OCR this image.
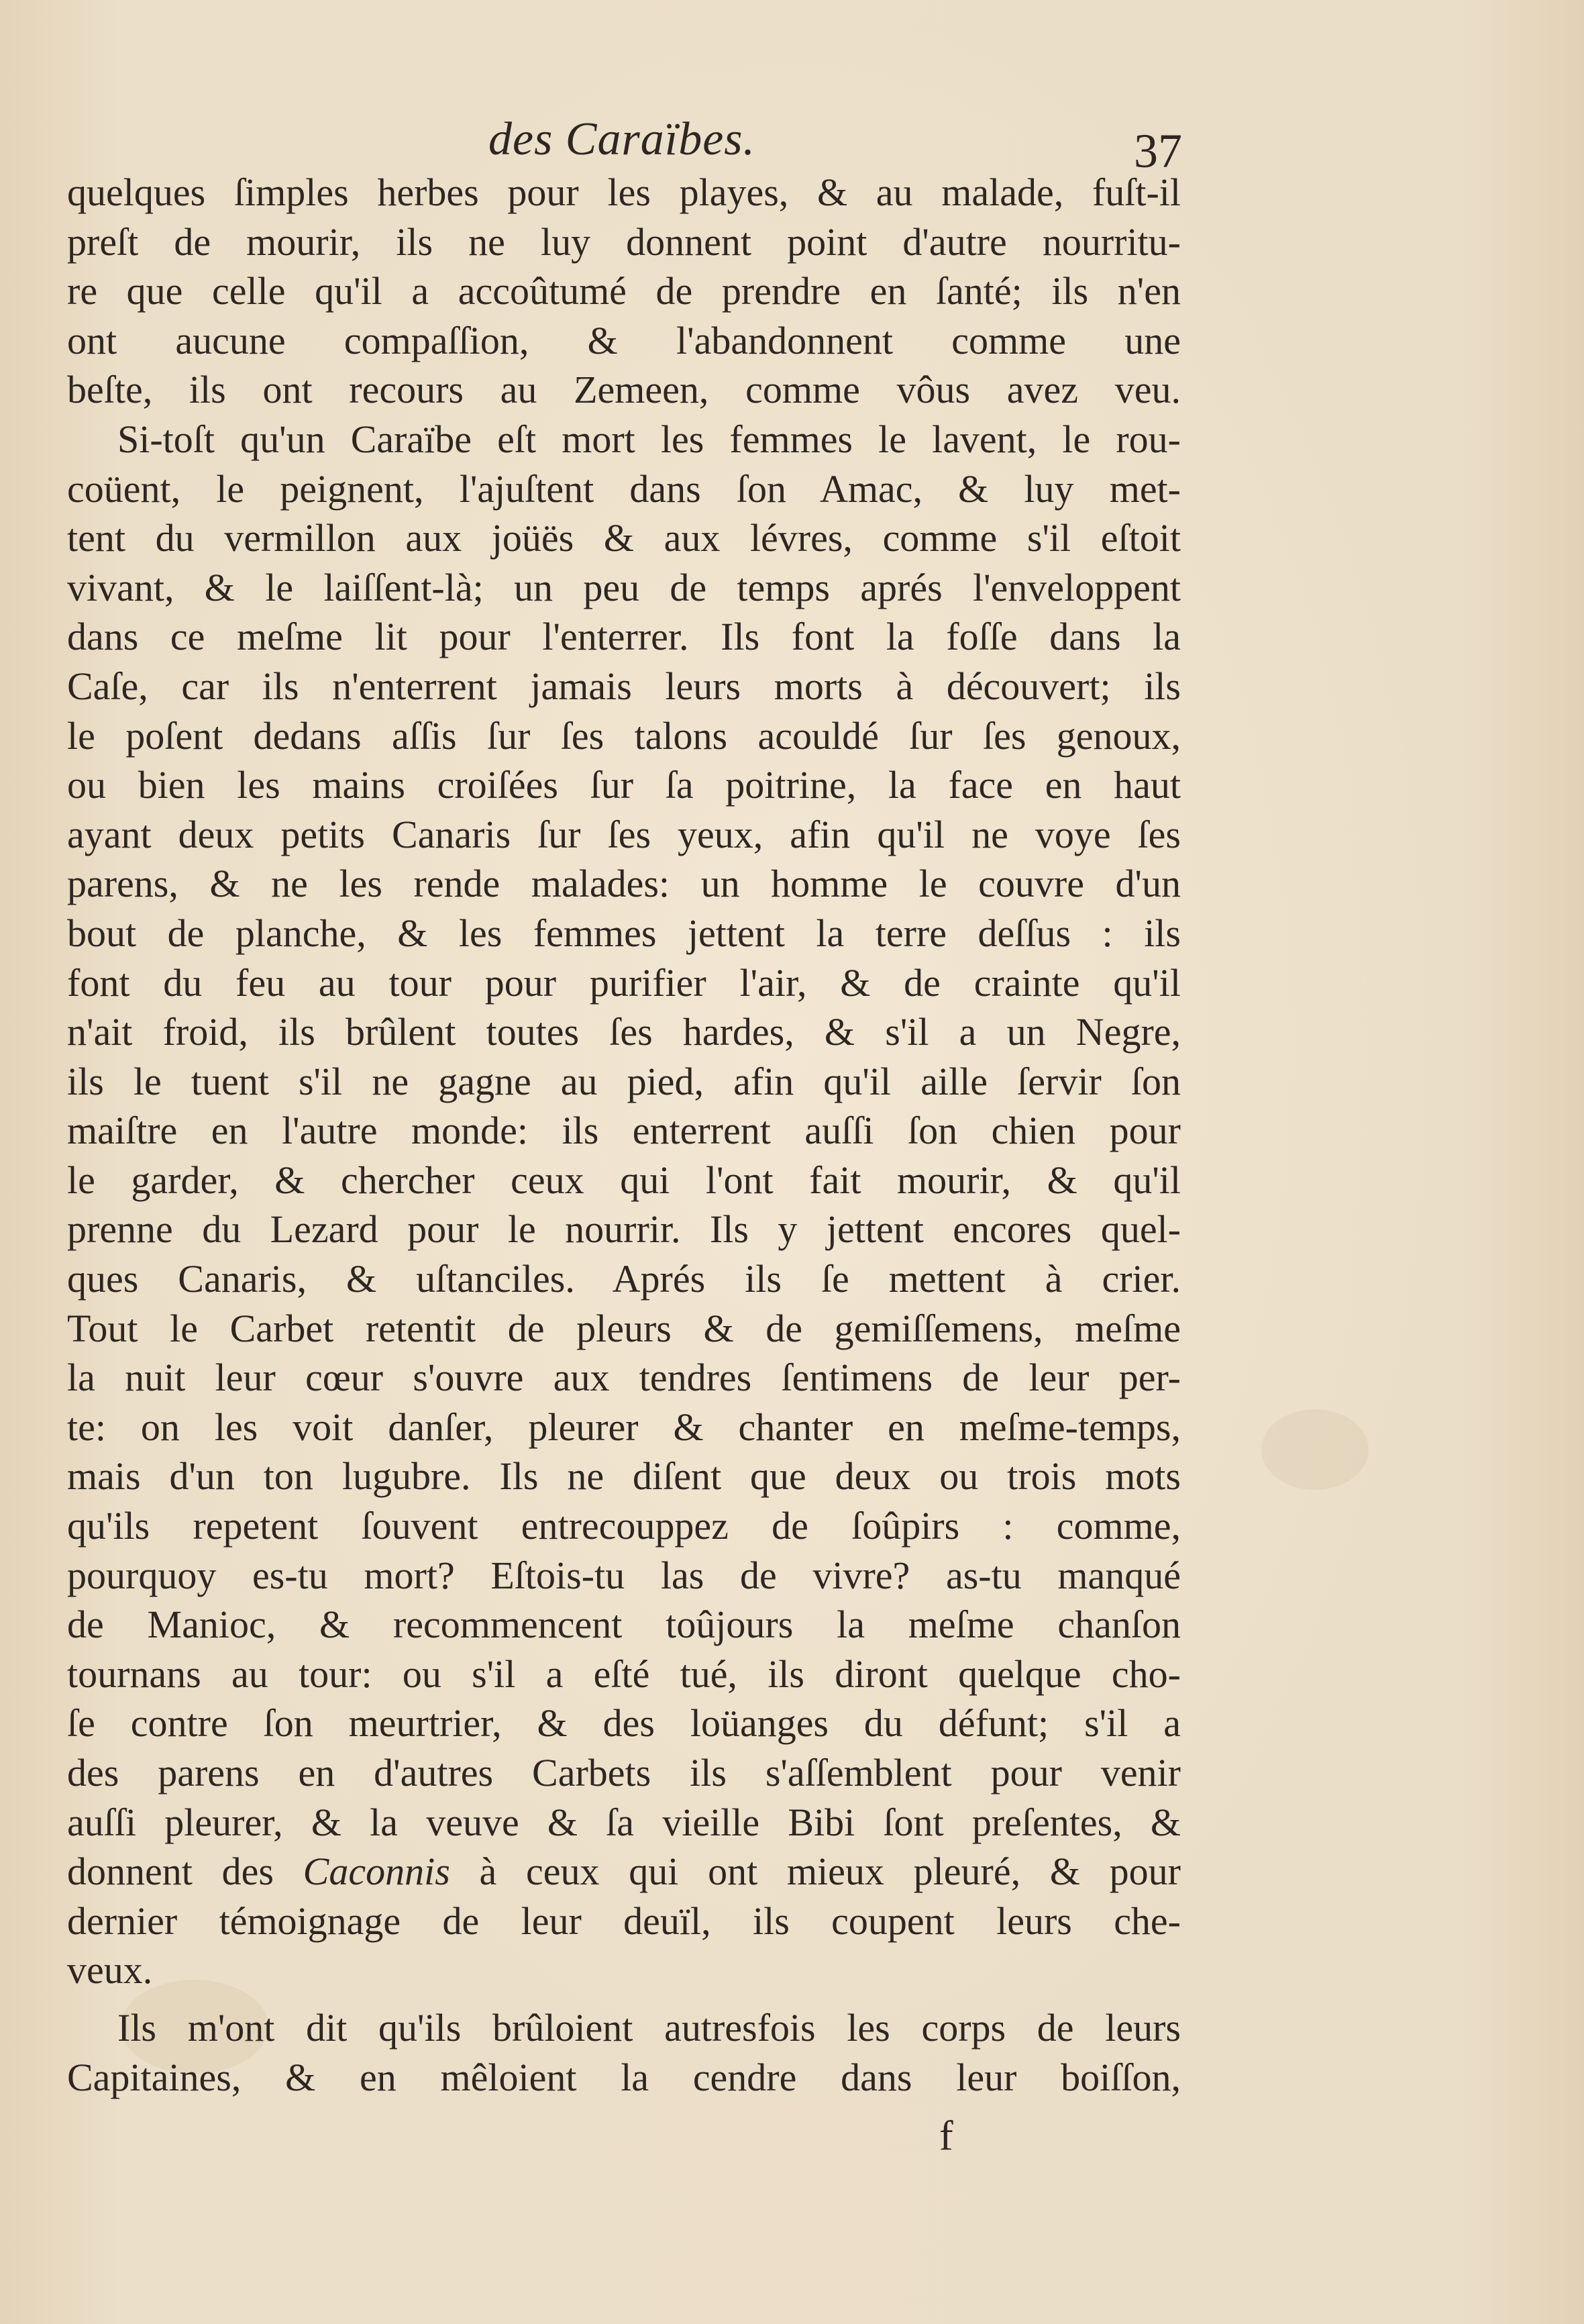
des Caraïbes.	37
quelques ſimples herbes pour les playes, & au malade, fuſt-il
preſt de mourir, ils ne luy donnent point d'autre nourritu-
re que celle qu'il a accoûtumé de prendre en ſanté; ils n'en
ont aucune compaſſion, & l'abandonnent comme une
beſte, ils ont recours au Zemeen, comme vôus avez veu.
Si-toſt qu'un Caraïbe eſt mort les femmes le lavent, le rou-
coüent, le peignent, l'ajuſtent dans ſon Amac, & luy met-
tent du vermillon aux joüës & aux lévres, comme s'il eſtoit
vivant, & le laiſſent-là; un peu de temps aprés l'enveloppent
dans ce meſme lit pour l'enterrer. Ils font la foſſe dans la
Caſe, car ils n'enterrent jamais leurs morts à découvert; ils
le poſent dedans aſſis ſur ſes talons acouldé ſur ſes genoux,
ou bien les mains croiſées ſur ſa poitrine, la face en haut
ayant deux petits Canaris ſur ſes yeux, afin qu'il ne voye ſes
parens, & ne les rende malades: un homme le couvre d'un
bout de planche, & les femmes jettent la terre deſſus : ils
font du feu au tour pour purifier l'air, & de crainte qu'il
n'ait froid, ils brûlent toutes ſes hardes, & s'il a un Negre,
ils le tuent s'il ne gagne au pied, afin qu'il aille ſervir ſon
maiſtre en l'autre monde: ils enterrent auſſi ſon chien pour
le garder, & chercher ceux qui l'ont fait mourir, & qu'il
prenne du Lezard pour le nourrir. Ils y jettent encores quel-
ques Canaris, & uſtanciles. Aprés ils ſe mettent à crier.
Tout le Carbet retentit de pleurs & de gemiſſemens, meſme
la nuit leur cœur s'ouvre aux tendres ſentimens de leur per-
te: on les voit danſer, pleurer & chanter en meſme-temps,
mais d'un ton lugubre. Ils ne diſent que deux ou trois mots
qu'ils repetent ſouvent entrecouppez de ſoûpirs : comme,
pourquoy es-tu mort? Eſtois-tu las de vivre? as-tu manqué
de Manioc, & recommencent toûjours la meſme chanſon
tournans au tour: ou s'il a eſté tué, ils diront quelque cho-
ſe contre ſon meurtrier, & des loüanges du défunt; s'il a
des parens en d'autres Carbets ils s'aſſemblent pour venir
auſſi pleurer, & la veuve & ſa vieille Bibi ſont preſentes, &
donnent des Caconnis à ceux qui ont mieux pleuré, & pour
dernier témoignage de leur deuïl, ils coupent leurs che-
veux.
Ils m'ont dit qu'ils brûloient autresfois les corps de leurs
Capitaines, & en mêloient la cendre dans leur boiſſon,
f
